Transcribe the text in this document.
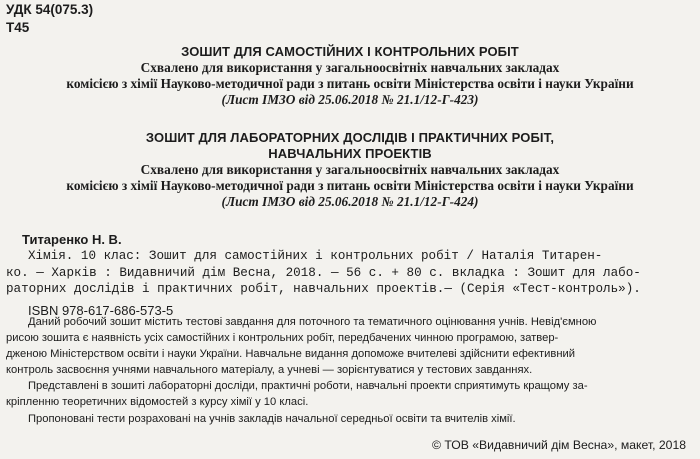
УДК 54(075.3)
Т45
ЗОШИТ ДЛЯ САМОСТІЙНИХ І КОНТРОЛЬНИХ РОБІТ
Схвалено для використання у загальноосвітніх навчальних закладах
комісією з хімії Науково-методичної ради з питань освіти Міністерства освіти і науки України
(Лист ІМЗО від 25.06.2018 № 21.1/12-Г-423)
ЗОШИТ ДЛЯ ЛАБОРАТОРНИХ ДОСЛІДІВ І ПРАКТИЧНИХ РОБІТ,
НАВЧАЛЬНИХ ПРОЕКТІВ
Схвалено для використання у загальноосвітніх навчальних закладах
комісією з хімії Науково-методичної ради з питань освіти Міністерства освіти і науки України
(Лист ІМЗО від 25.06.2018 № 21.1/12-Г-424)
Титаренко Н. В.
Хімія. 10 клас: Зошит для самостійних і контрольних робіт / Наталія Титарен-
ко. — Харків : Видавничий дім Весна, 2018. — 56 с. + 80 с. вкладка : Зошит для лабо-
раторних дослідів і практичних робіт, навчальних проектів.— (Серія «Тест-контроль»).
ISBN 978-617-686-573-5
Даний робочий зошит містить тестові завдання для поточного та тематичного оцінювання учнів. Невід'ємною
рисою зошита є наявність усіх самостійних і контрольних робіт, передбачених чинною програмою, затвер-
дженою Міністерством освіти і науки України. Навчальне видання допоможе вчителеві здійснити ефективний
контроль засвоєння учнями навчального матеріалу, а учневі — зорієнтуватися у тестових завданнях.
Представлені в зошиті лабораторні досліди, практичні роботи, навчальні проекти сприятимуть кращому за-
кріпленню теоретичних відомостей з курсу хімії у 10 класі.
Пропоновані тести розраховані на учнів закладів начальної середньої освіти та вчителів хімії.
© ТОВ «Видавничий дім Весна», макет, 2018
